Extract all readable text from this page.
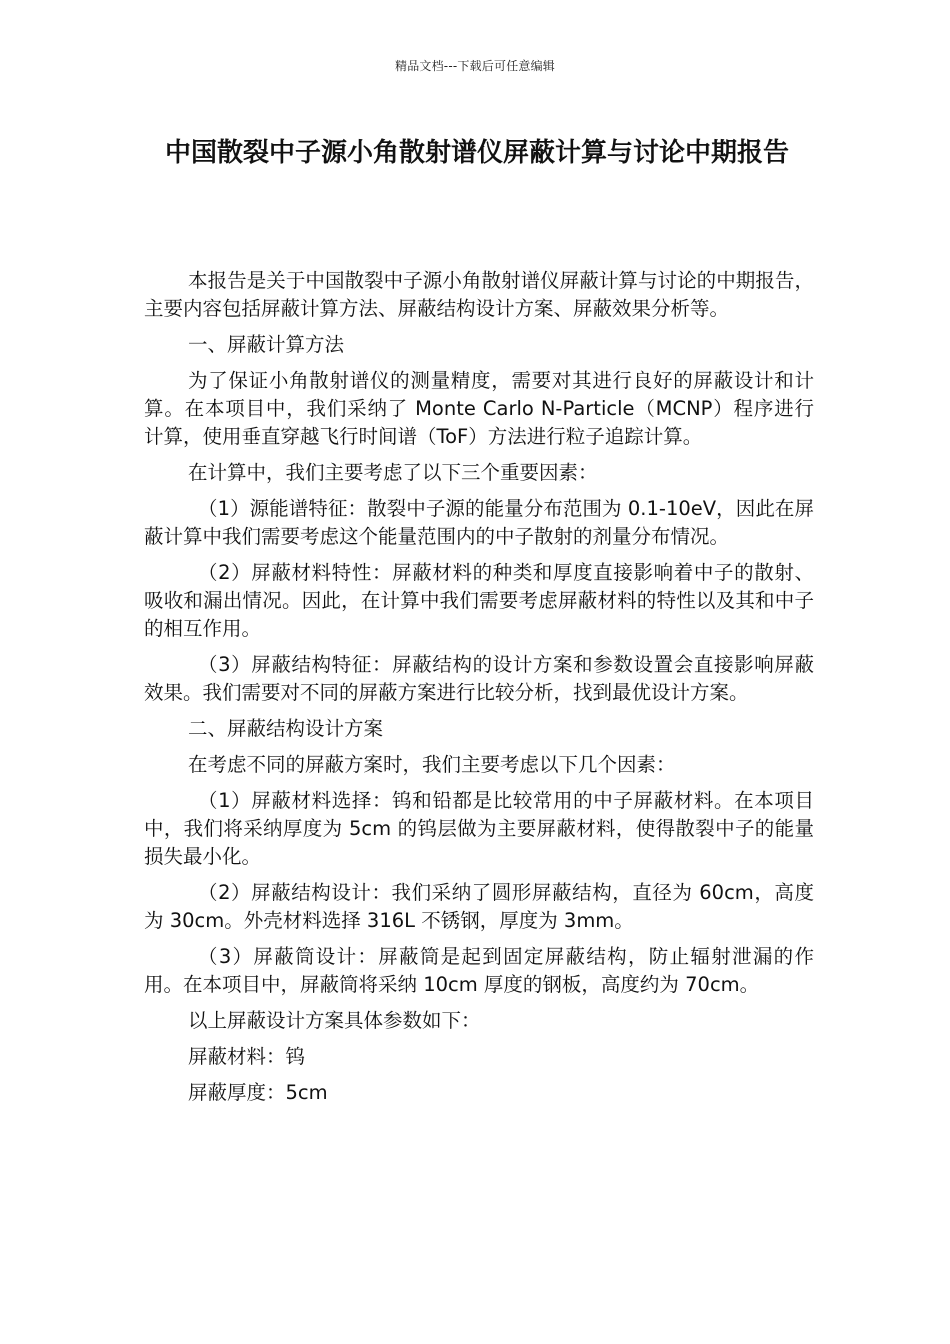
精品文档---下载后可任意编辑
中国散裂中子源小角散射谱仪屏蔽计算与讨论中期报告

本报告是关于中国散裂中子源小角散射谱仪屏蔽计算与讨论的中期报告，主要内容包括屏蔽计算方法、屏蔽结构设计方案、屏蔽效果分析等。

一、屏蔽计算方法

为了保证小角散射谱仪的测量精度，需要对其进行良好的屏蔽设计和计算。在本项目中，我们采纳了 Monte Carlo N-Particle（MCNP）程序进行计算，使用垂直穿越飞行时间谱（ToF）方法进行粒子追踪计算。

在计算中，我们主要考虑了以下三个重要因素：

（1）源能谱特征：散裂中子源的能量分布范围为 0.1-10eV，因此在屏蔽计算中我们需要考虑这个能量范围内的中子散射的剂量分布情况。

（2）屏蔽材料特性：屏蔽材料的种类和厚度直接影响着中子的散射、吸收和漏出情况。因此，在计算中我们需要考虑屏蔽材料的特性以及其和中子的相互作用。

（3）屏蔽结构特征：屏蔽结构的设计方案和参数设置会直接影响屏蔽效果。我们需要对不同的屏蔽方案进行比较分析，找到最优设计方案。

二、屏蔽结构设计方案

在考虑不同的屏蔽方案时，我们主要考虑以下几个因素：

（1）屏蔽材料选择：钨和铅都是比较常用的中子屏蔽材料。在本项目中，我们将采纳厚度为 5cm 的钨层做为主要屏蔽材料，使得散裂中子的能量损失最小化。

（2）屏蔽结构设计：我们采纳了圆形屏蔽结构，直径为 60cm，高度为 30cm。外壳材料选择 316L 不锈钢，厚度为 3mm。

（3）屏蔽筒设计：屏蔽筒是起到固定屏蔽结构，防止辐射泄漏的作用。在本项目中，屏蔽筒将采纳 10cm 厚度的钢板，高度约为 70cm。

以上屏蔽设计方案具体参数如下：

屏蔽材料：钨

屏蔽厚度：5cm
